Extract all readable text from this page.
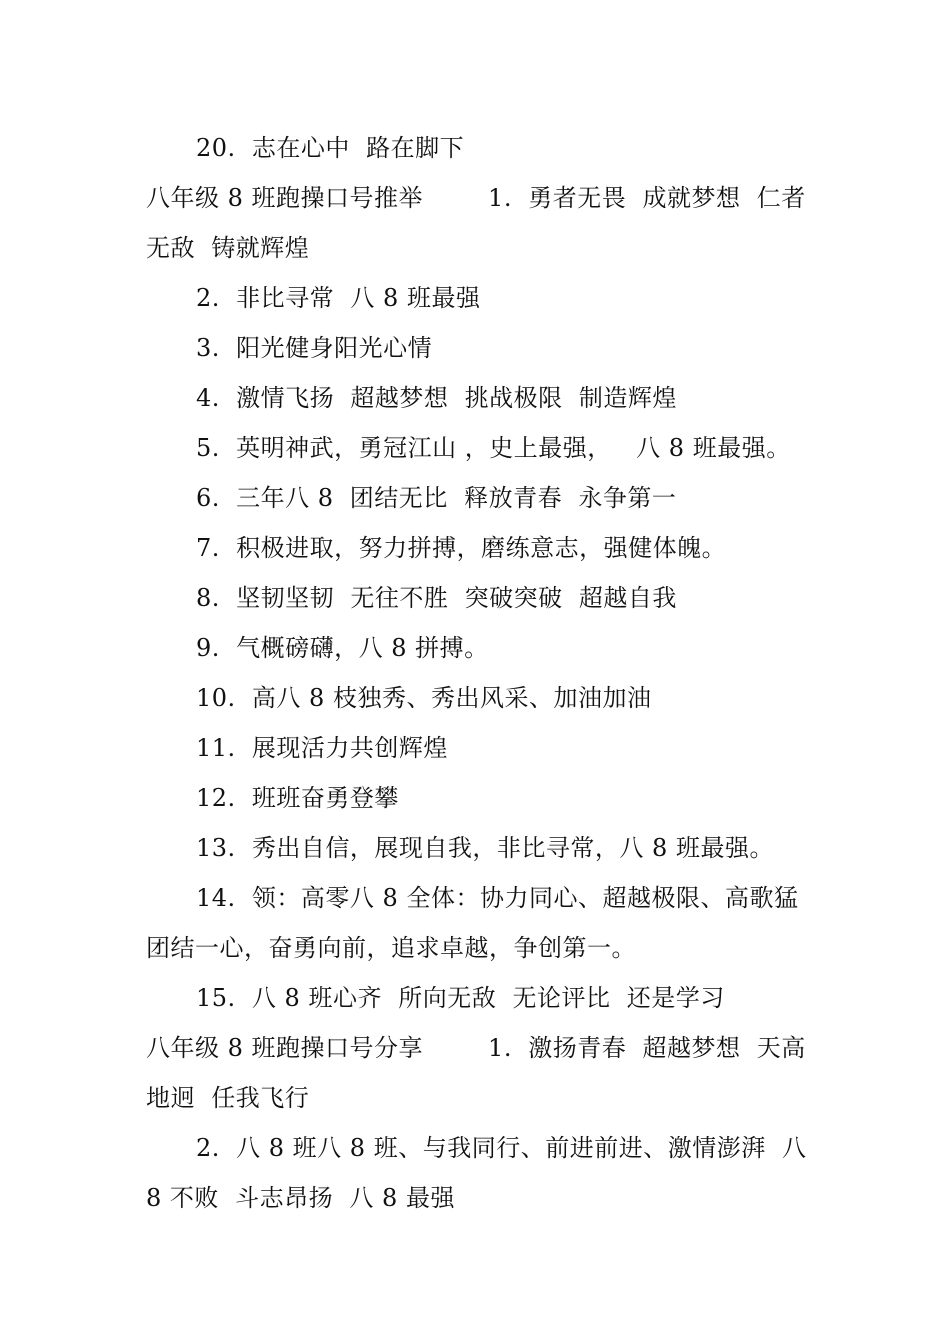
20.  志在心中  路在脚下
八年级 8 班跑操口号推举        1.  勇者无畏  成就梦想  仁者
无敌  铸就辉煌
2.  非比寻常  八 8 班最强
3.  阳光健身阳光心情
4.  激情飞扬  超越梦想  挑战极限  制造辉煌
5.  英明神武，勇冠江山 ，史上最强，   八 8 班最强。
6.  三年八 8  团结无比  释放青春  永争第一
7.  积极进取，努力拼搏，磨练意志，强健体魄。
8.  坚韧坚韧  无往不胜  突破突破  超越自我
9.  气概磅礴，八 8 拼搏。
10.  高八 8 枝独秀、秀出风采、加油加油
11.  展现活力共创辉煌
12.  班班奋勇登攀
13.  秀出自信，展现自我，非比寻常，八 8 班最强。
14.  领：高零八 8 全体：协力同心、超越极限、高歌猛
团结一心，奋勇向前，追求卓越，争创第一。
15.  八 8 班心齐  所向无敌  无论评比  还是学习
八年级 8 班跑操口号分享        1.  激扬青春  超越梦想  天高
地迥  任我飞行
2.  八 8 班八 8 班、与我同行、前进前进、激情澎湃  八
8 不败  斗志昂扬  八 8 最强
